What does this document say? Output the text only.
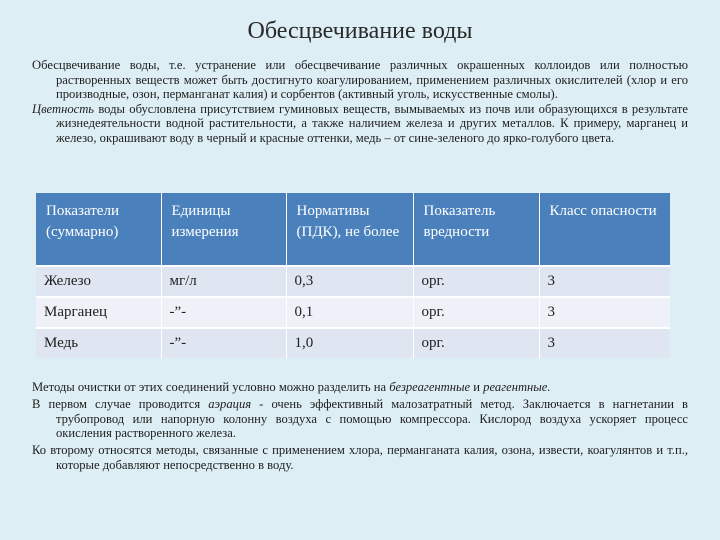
Обесцвечивание воды

Обесцвечивание воды, т.е. устранение или обесцвечивание различных окрашенных коллоидов или полностью растворенных веществ может быть достигнуто коагулированием, применением различных окислителей (хлор и его производные, озон, перманганат калия) и сорбентов (активный уголь, искусственные смолы).

Цветность воды обусловлена присутствием гуминовых веществ, вымываемых из почв или образующихся в результате жизнедеятельности водной растительности, а также наличием железа и других металлов. К примеру, марганец и железо, окрашивают воду в черный и красные оттенки, медь – от сине-зеленого до ярко-голубого цвета.

Показатели (суммарно)	Единицы измерения	Нормативы (ПДК), не более	Показатель вредности	Класс опасности
Железо	мг/л	0,3	орг.	3
Марганец	-”-	0,1	орг.	3
Медь	-”-	1,0	орг.	3

Методы очистки от этих соединений условно можно разделить на безреагентные и реагентные.

В первом случае проводится аэрация - очень эффективный малозатратный метод. Заключается в нагнетании в трубопровод или напорную колонну воздуха с помощью компрессора. Кислород воздуха ускоряет процесс окисления растворенного железа.

Ко второму относятся методы, связанные с применением хлора, перманганата калия, озона, извести, коагулянтов и т.п., которые добавляют непосредственно в воду.
